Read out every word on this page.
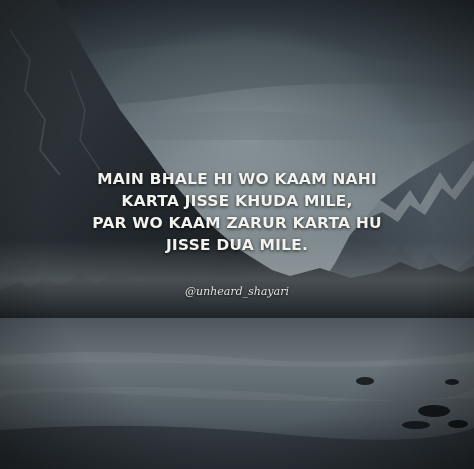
MAIN BHALE HI WO KAAM NAHI
KARTA JISSE KHUDA MILE,
PAR WO KAAM ZARUR KARTA HU
JISSE DUA MILE.
@unheard_shayari
